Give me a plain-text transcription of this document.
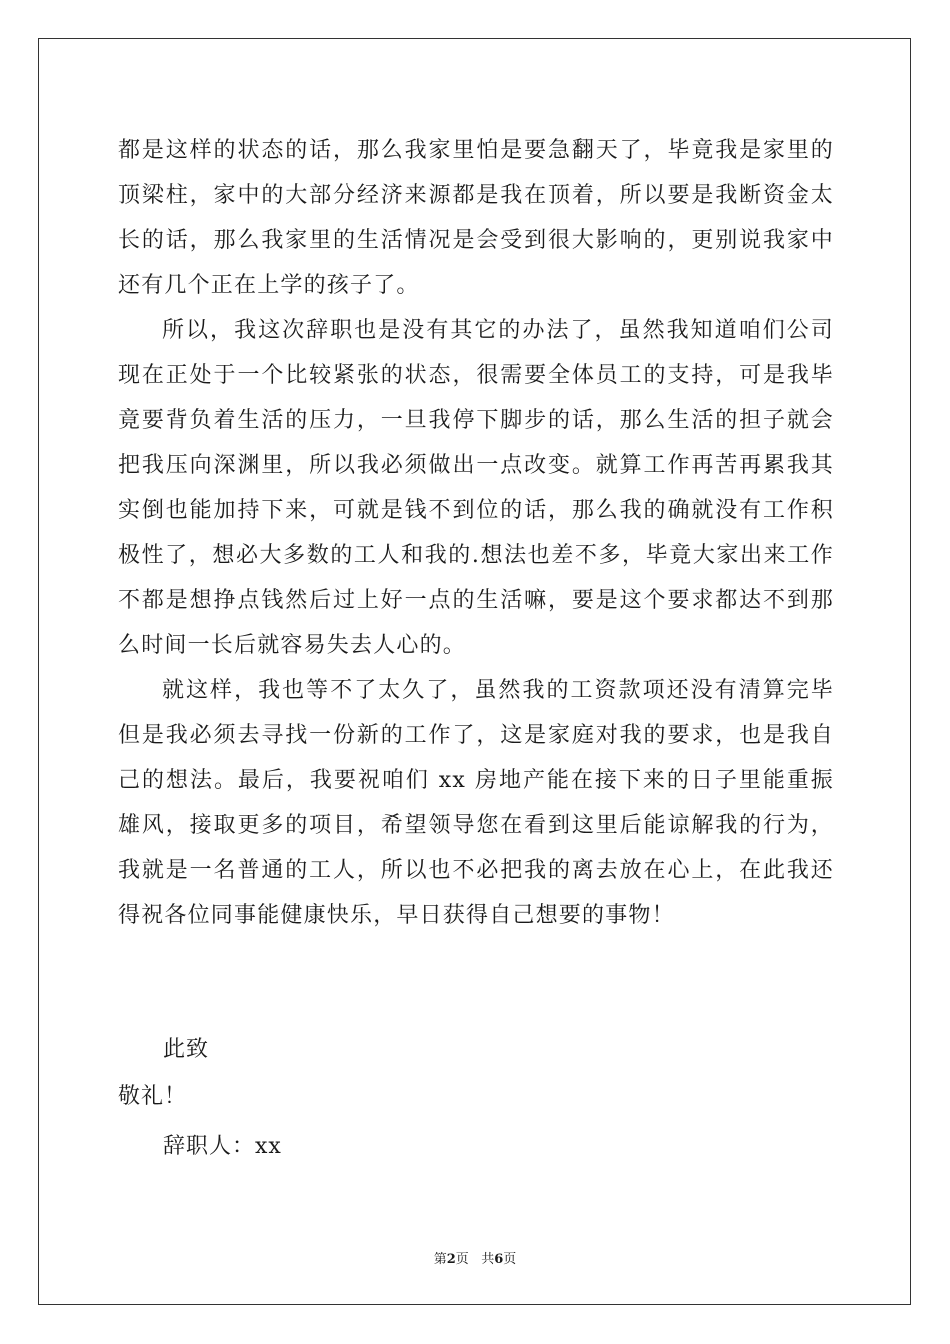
都是这样的状态的话，那么我家里怕是要急翻天了，毕竟我是家里的顶梁柱，家中的大部分经济来源都是我在顶着，所以要是我断资金太长的话，那么我家里的生活情况是会受到很大影响的，更别说我家中还有几个正在上学的孩子了。

所以，我这次辞职也是没有其它的办法了，虽然我知道咱们公司现在正处于一个比较紧张的状态，很需要全体员工的支持，可是我毕竟要背负着生活的压力，一旦我停下脚步的话，那么生活的担子就会把我压向深渊里，所以我必须做出一点改变。就算工作再苦再累我其实倒也能加持下来，可就是钱不到位的话，那么我的确就没有工作积极性了，想必大多数的工人和我的.想法也差不多，毕竟大家出来工作不都是想挣点钱然后过上好一点的生活嘛，要是这个要求都达不到那么时间一长后就容易失去人心的。

就这样，我也等不了太久了，虽然我的工资款项还没有清算完毕但是我必须去寻找一份新的工作了，这是家庭对我的要求，也是我自己的想法。最后，我要祝咱们 xx 房地产能在接下来的日子里能重振雄风，接取更多的项目，希望领导您在看到这里后能谅解我的行为，我就是一名普通的工人，所以也不必把我的离去放在心上，在此我还得祝各位同事能健康快乐，早日获得自己想要的事物！

此致
敬礼！
辞职人：xx
第2页 共6页
